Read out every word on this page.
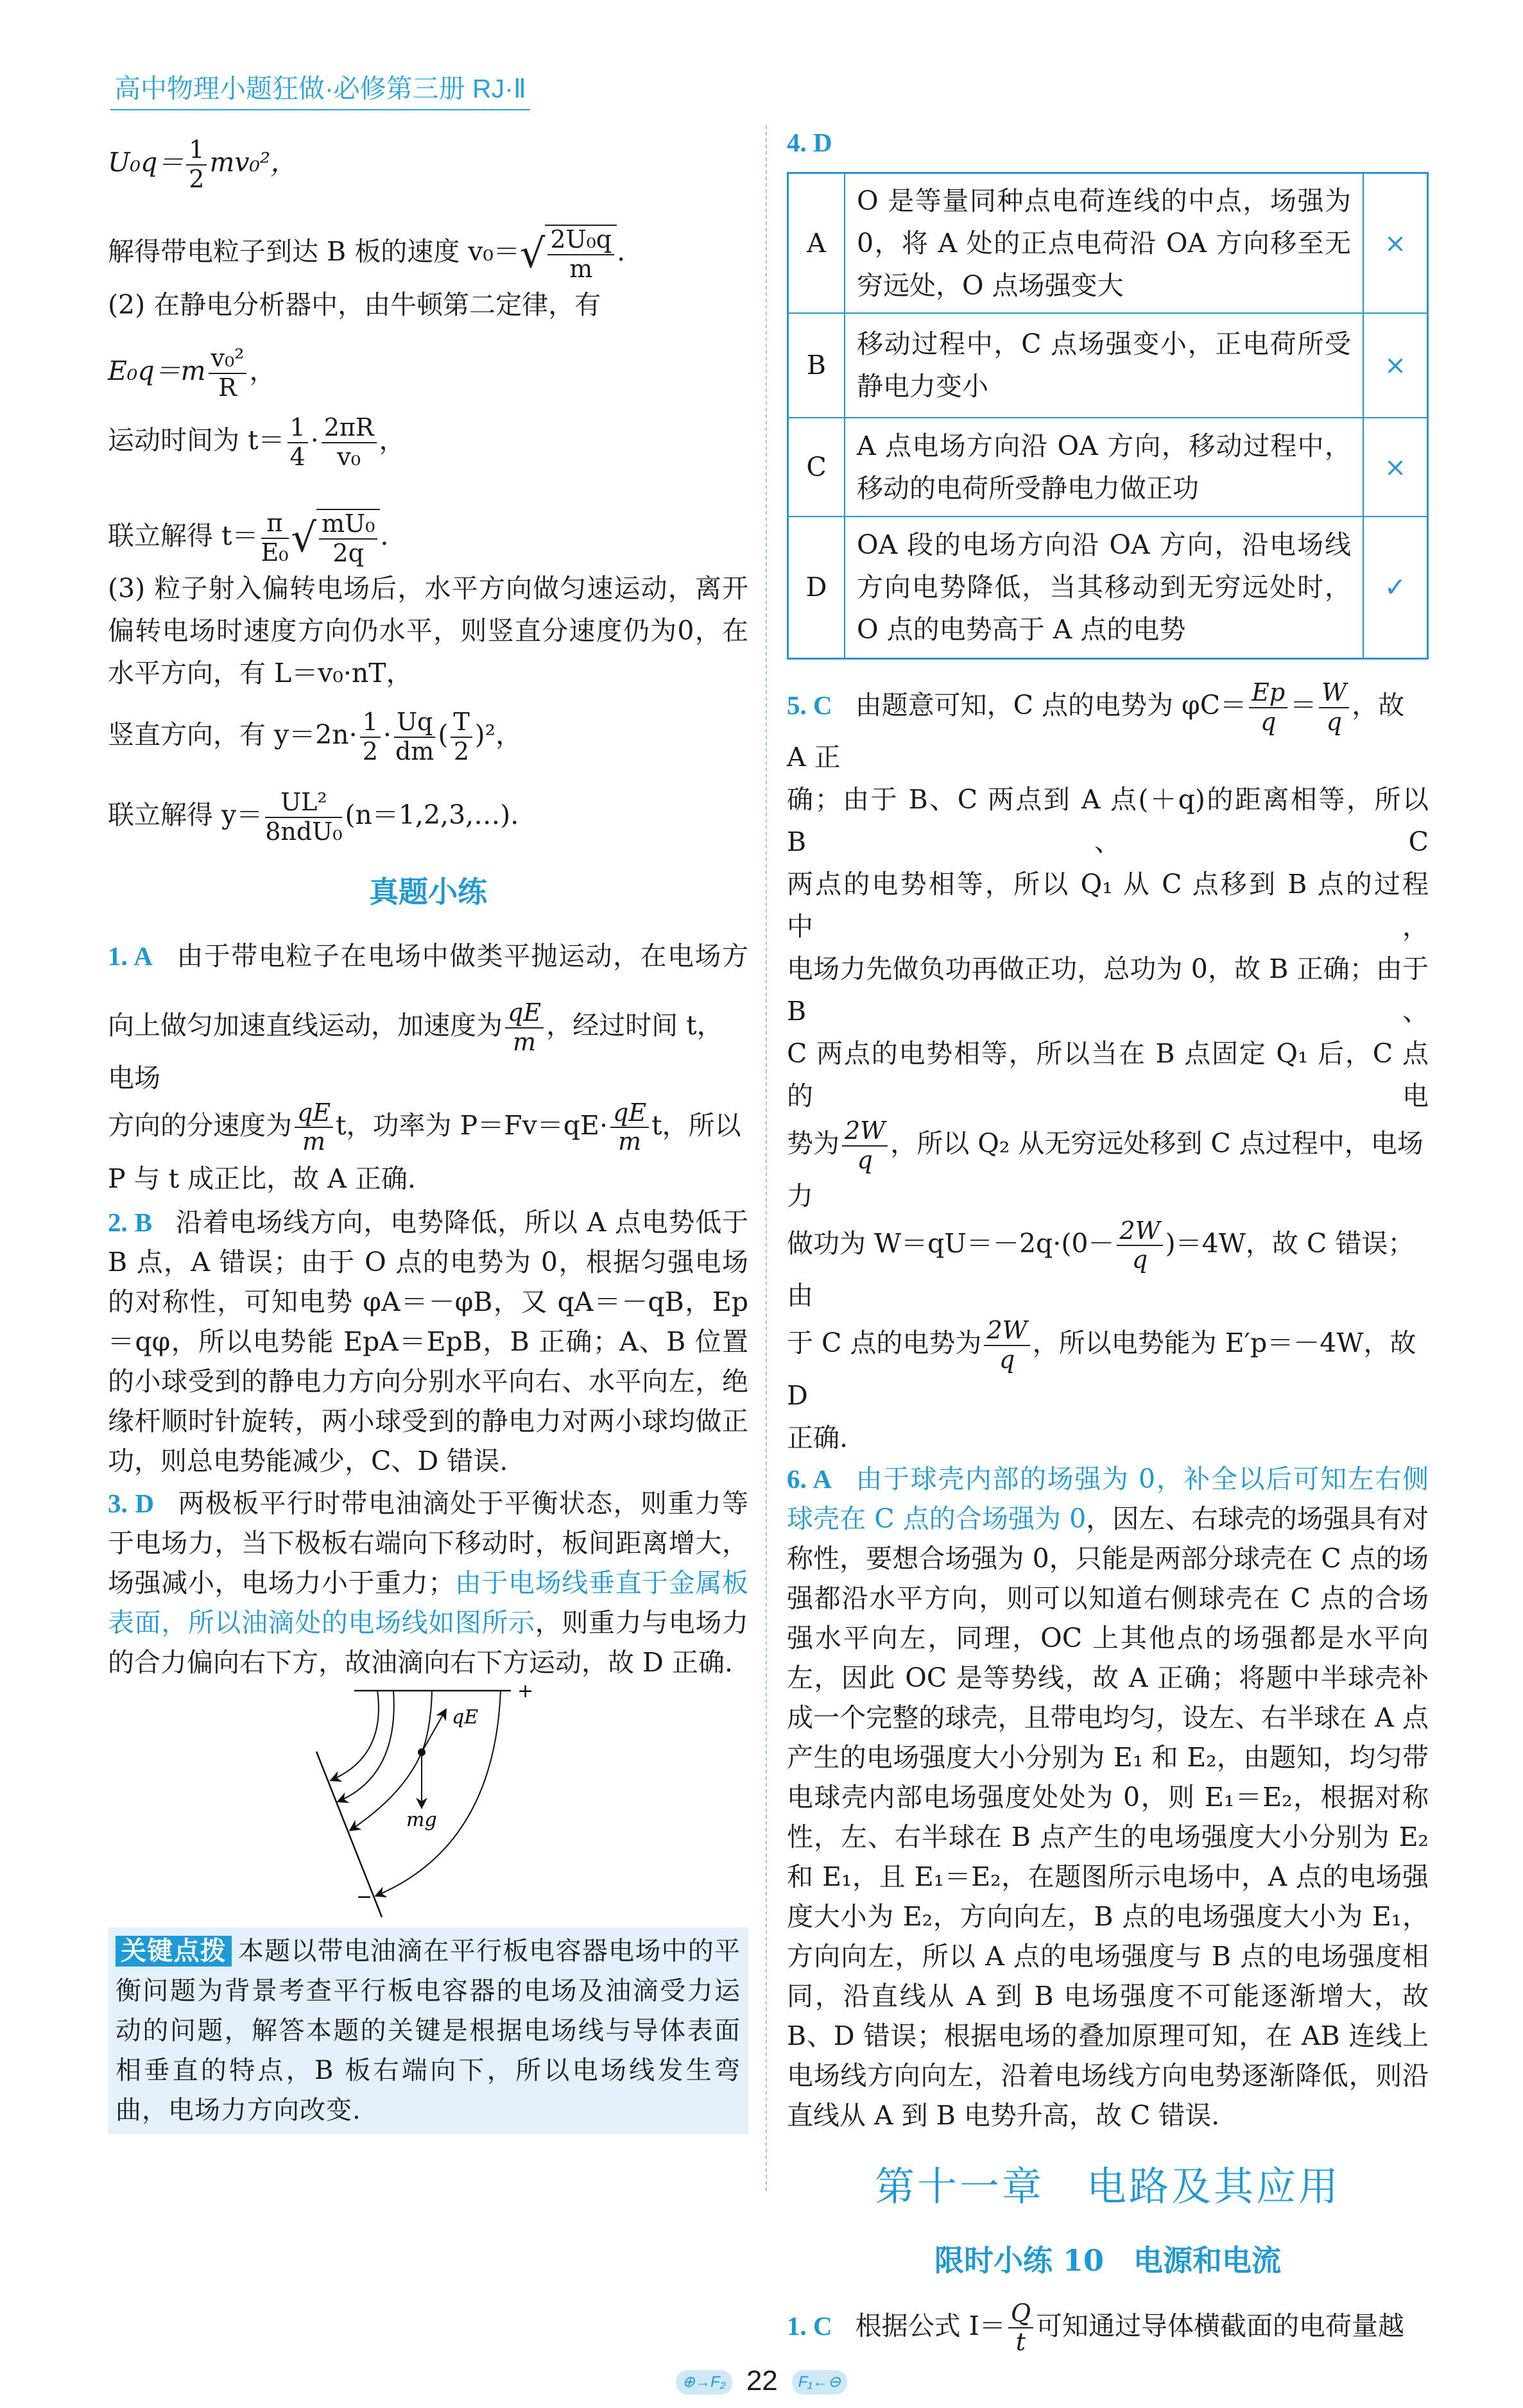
高中物理小题狂做·必修第三册 RJ·Ⅱ
$U_0q= \frac{1}{2} mv_0^2$，
解得带电粒子到达 B 板的速度 $v_0=√ \frac{\text{2U₀q}}{m}$ .
(2) 在静电分析器中，由牛顿第二定律，有
$E_0q=m \frac{\text{v₀²}}{R}$ ，
运动时间为 $t= \frac{1}{4} \cdot \frac{2\pi R}{\text{v₀}}$ ，
联立解得 $t= \frac{\pi}{\text{E₀}}$ √ $\frac{\text{mU₀}}{2q}$ .
(3) 粒子射入偏转电场后，水平方向做匀速运动，离开偏转电场时速度方向仍水平，则竖直分速度仍为0，在水平方向，有 L＝v₀·nT，
竖直方向，有 $y=2n\cdot \frac{1}{2} \cdot \frac{Uq}{dm}$ ( $\frac{T}{2} )^2$，
联立解得 $y= \frac{\text{UL²}}{\text{8ndU₀}}$ (n＝1,2,3,…).
真题小练
1. A 由于带电粒子在电场中做类平抛运动，在电场方
向上做匀加速直线运动，加速度为 $\frac{qE}{m}$ ，经过时间 t，电场
方向的分速度为 $\frac{qE}{m}$ t，功率为 $P=Fv=qE\cdot \frac{qE}{m}$ t，所以
P 与 t 成正比，故 A 正确.
2. B 沿着电场线方向，电势降低，所以 A 点电势低于 B 点，A 错误；由于 O 点的电势为 0，根据匀强电场的对称性，可知电势 φA＝－φB，又 qA＝－qB，Ep＝qφ，所以电势能 EpA＝EpB，B 正确；A、B 位置的小球受到的静电力方向分别水平向右、水平向左，绝缘杆顺时针旋转，两小球受到的静电力对两小球均做正功，则总电势能减少，C、D 错误.
3. D 两极板平行时带电油滴处于平衡状态，则重力等于电场力，当下极板右端向下移动时，板间距离增大，场强减小，电场力小于重力；由于电场线垂直于金属板表面，所以油滴处的电场线如图所示，则重力与电场力的合力偏向右下方，故油滴向右下方运动，故 D 正确.
+
−
qE
mg
关键点拨 本题以带电油滴在平行板电容器电场中的平衡问题为背景考查平行板电容器的电场及油滴受力运动的问题，解答本题的关键是根据电场线与导体表面相垂直的特点，B 板右端向下，所以电场线发生弯曲，电场力方向改变.
4. D
A	O 是等量同种点电荷连线的中点，场强为 0，将 A 处的正点电荷沿 OA 方向移至无穷远处，O 点场强变大	×
B	移动过程中，C 点场强变小，正电荷所受静电力变小	×
C	A 点电场方向沿 OA 方向，移动过程中，移动的电荷所受静电力做正功	×
D	OA 段的电场方向沿 OA 方向，沿电场线方向电势降低，当其移动到无穷远处时，O 点的电势高于 A 点的电势	✓
5. C 由题意可知，C 点的电势为 $\varphi C= \frac{Ep}{q} = \frac{W}{q}$ ，故 A 正
确；由于 B、C 两点到 A 点(＋q)的距离相等，所以 B、C
两点的电势相等，所以 Q₁ 从 C 点移到 B 点的过程中，
电场力先做负功再做正功，总功为 0，故 B 正确；由于 B、
C 两点的电势相等，所以当在 B 点固定 Q₁ 后，C 点的电
势为 $\frac{2W}{q}$ ，所以 Q₂ 从无穷远处移到 C 点过程中，电场力
做功为 $W=qU=-2q\cdot(0- \frac{2W}{q} )=4W$，故 C 错误；由
于 C 点的电势为 $\frac{2W}{q}$ ，所以电势能为 E′p＝－4W，故 D
正确.
6. A 由于球壳内部的场强为 0，补全以后可知左右侧球壳在 C 点的合场强为 0，因左、右球壳的场强具有对称性，要想合场强为 0，只能是两部分球壳在 C 点的场强都沿水平方向，则可以知道右侧球壳在 C 点的合场强水平向左，同理，OC 上其他点的场强都是水平向左，因此 OC 是等势线，故 A 正确；将题中半球壳补成一个完整的球壳，且带电均匀，设左、右半球在 A 点产生的电场强度大小分别为 E₁ 和 E₂，由题知，均匀带电球壳内部电场强度处处为 0，则 E₁＝E₂，根据对称性，左、右半球在 B 点产生的电场强度大小分别为 E₂ 和 E₁，且 E₁＝E₂，在题图所示电场中，A 点的电场强度大小为 E₂，方向向左，B 点的电场强度大小为 E₁，方向向左，所以 A 点的电场强度与 B 点的电场强度相同，沿直线从 A 到 B 电场强度不可能逐渐增大，故 B、D 错误；根据电场的叠加原理可知，在 AB 连线上电场线方向向左，沿着电场线方向电势逐渐降低，则沿直线从 A 到 B 电势升高，故 C 错误.
第十一章　电路及其应用
限时小练 10　电源和电流
1. C 根据公式 $I= \frac{Q}{t}$ 可知通过导体横截面的电荷量越
⊕→F₂ 22 F₁←⊖
